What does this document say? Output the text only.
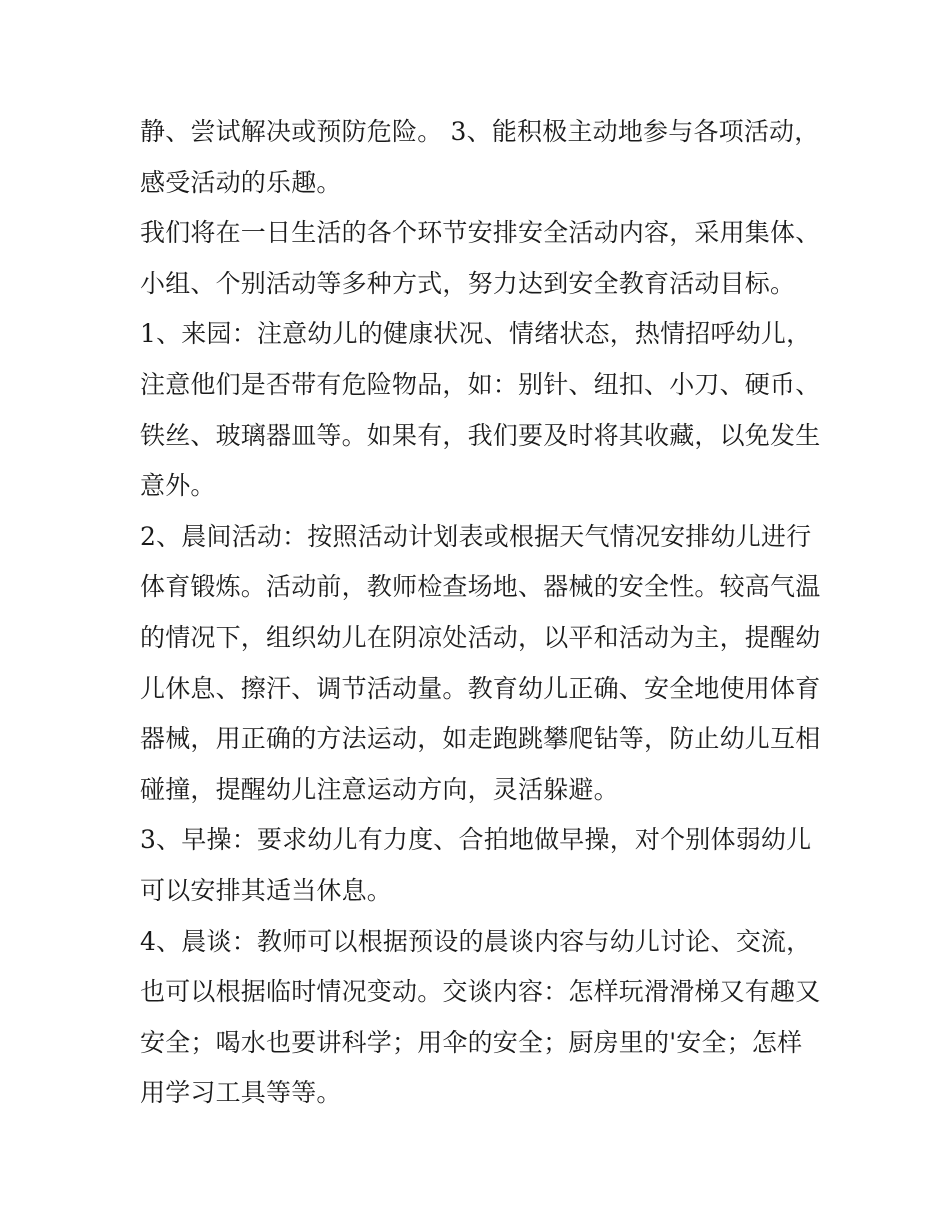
静、尝试解决或预防危险。 3、能积极主动地参与各项活动，

感受活动的乐趣。

我们将在一日生活的各个环节安排安全活动内容，采用集体、

小组、个别活动等多种方式，努力达到安全教育活动目标。

1、来园：注意幼儿的健康状况、情绪状态，热情招呼幼儿，

注意他们是否带有危险物品，如：别针、纽扣、小刀、硬币、

铁丝、玻璃器皿等。如果有，我们要及时将其收藏，以免发生

意外。

2、晨间活动：按照活动计划表或根据天气情况安排幼儿进行

体育锻炼。活动前，教师检查场地、器械的安全性。较高气温

的情况下，组织幼儿在阴凉处活动，以平和活动为主，提醒幼

儿休息、擦汗、调节活动量。教育幼儿正确、安全地使用体育

器械，用正确的方法运动，如走跑跳攀爬钻等，防止幼儿互相

碰撞，提醒幼儿注意运动方向，灵活躲避。

3、早操：要求幼儿有力度、合拍地做早操，对个别体弱幼儿

可以安排其适当休息。

4、晨谈：教师可以根据预设的晨谈内容与幼儿讨论、交流，

也可以根据临时情况变动。交谈内容：怎样玩滑滑梯又有趣又

安全；喝水也要讲科学；用伞的安全；厨房里的'安全；怎样

用学习工具等等。
